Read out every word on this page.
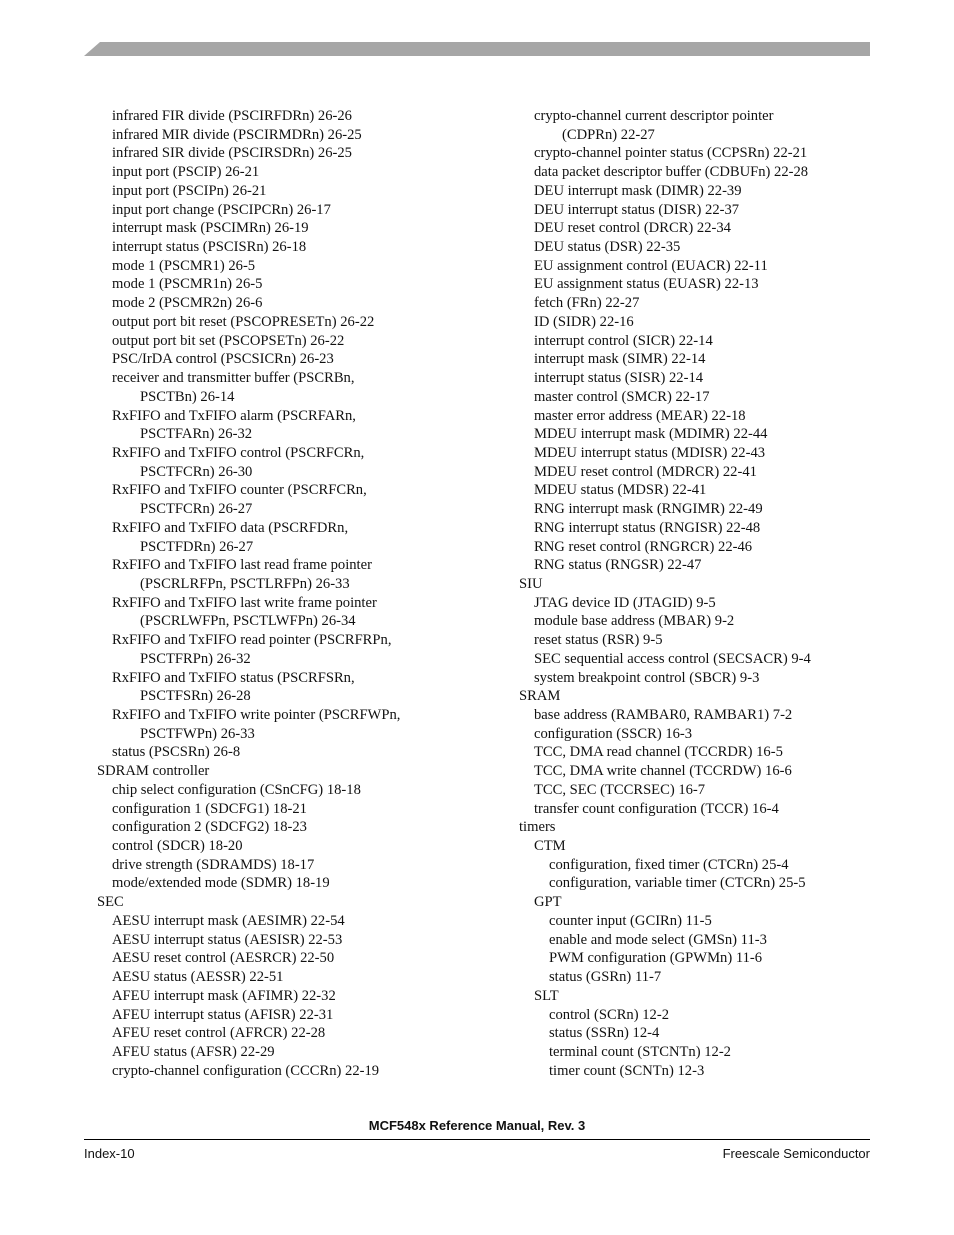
infrared FIR divide (PSCIRFDRn) 26-26
infrared MIR divide (PSCIRMDRn) 26-25
infrared SIR divide (PSCIRSDRn) 26-25
input port (PSCIP) 26-21
input port (PSCIPn) 26-21
input port change (PSCIPCRn) 26-17
interrupt mask (PSCIMRn) 26-19
interrupt status (PSCISRn) 26-18
mode 1 (PSCMR1) 26-5
mode 1 (PSCMR1n) 26-5
mode 2 (PSCMR2n) 26-6
output port bit reset (PSCOPRESETn) 26-22
output port bit set (PSCOPSETn) 26-22
PSC/IrDA control (PSCSICRn) 26-23
receiver and transmitter buffer (PSCRBn,
PSCTBn) 26-14
RxFIFO and TxFIFO alarm (PSCRFARn,
PSCTFARn) 26-32
RxFIFO and TxFIFO control (PSCRFCRn,
PSCTFCRn) 26-30
RxFIFO and TxFIFO counter (PSCRFCRn,
PSCTFCRn) 26-27
RxFIFO and TxFIFO data (PSCRFDRn,
PSCTFDRn) 26-27
RxFIFO and TxFIFO last read frame pointer
(PSCRLRFPn, PSCTLRFPn) 26-33
RxFIFO and TxFIFO last write frame pointer
(PSCRLWFPn, PSCTLWFPn) 26-34
RxFIFO and TxFIFO read pointer (PSCRFRPn,
PSCTFRPn) 26-32
RxFIFO and TxFIFO status (PSCRFSRn,
PSCTFSRn) 26-28
RxFIFO and TxFIFO write pointer (PSCRFWPn,
PSCTFWPn) 26-33
status (PSCSRn) 26-8
SDRAM controller
chip select configuration (CSnCFG) 18-18
configuration 1 (SDCFG1) 18-21
configuration 2 (SDCFG2) 18-23
control (SDCR) 18-20
drive strength (SDRAMDS) 18-17
mode/extended mode (SDMR) 18-19
SEC
AESU interrupt mask (AESIMR) 22-54
AESU interrupt status (AESISR) 22-53
AESU reset control (AESRCR) 22-50
AESU status (AESSR) 22-51
AFEU interrupt mask (AFIMR) 22-32
AFEU interrupt status (AFISR) 22-31
AFEU reset control (AFRCR) 22-28
AFEU status (AFSR) 22-29
crypto-channel configuration (CCCRn) 22-19
crypto-channel current descriptor pointer
(CDPRn) 22-27
crypto-channel pointer status (CCPSRn) 22-21
data packet descriptor buffer (CDBUFn) 22-28
DEU interrupt mask (DIMR) 22-39
DEU interrupt status (DISR) 22-37
DEU reset control (DRCR) 22-34
DEU status (DSR) 22-35
EU assignment control (EUACR) 22-11
EU assignment status (EUASR) 22-13
fetch (FRn) 22-27
ID (SIDR) 22-16
interrupt control (SICR) 22-14
interrupt mask (SIMR) 22-14
interrupt status (SISR) 22-14
master control (SMCR) 22-17
master error address (MEAR) 22-18
MDEU interrupt mask (MDIMR) 22-44
MDEU interrupt status (MDISR) 22-43
MDEU reset control (MDRCR) 22-41
MDEU status (MDSR) 22-41
RNG interrupt mask (RNGIMR) 22-49
RNG interrupt status (RNGISR) 22-48
RNG reset control (RNGRCR) 22-46
RNG status (RNGSR) 22-47
SIU
JTAG device ID (JTAGID) 9-5
module base address (MBAR) 9-2
reset status (RSR) 9-5
SEC sequential access control (SECSACR) 9-4
system breakpoint control (SBCR) 9-3
SRAM
base address (RAMBAR0, RAMBAR1) 7-2
configuration (SSCR) 16-3
TCC, DMA read channel (TCCRDR) 16-5
TCC, DMA write channel (TCCRDW) 16-6
TCC, SEC (TCCRSEC) 16-7
transfer count configuration (TCCR) 16-4
timers
CTM
configuration, fixed timer (CTCRn) 25-4
configuration, variable timer (CTCRn) 25-5
GPT
counter input (GCIRn) 11-5
enable and mode select (GMSn) 11-3
PWM configuration (GPWMn) 11-6
status (GSRn) 11-7
SLT
control (SCRn) 12-2
status (SSRn) 12-4
terminal count (STCNTn) 12-2
timer count (SCNTn) 12-3
MCF548x Reference Manual, Rev. 3
Index-10	Freescale Semiconductor
